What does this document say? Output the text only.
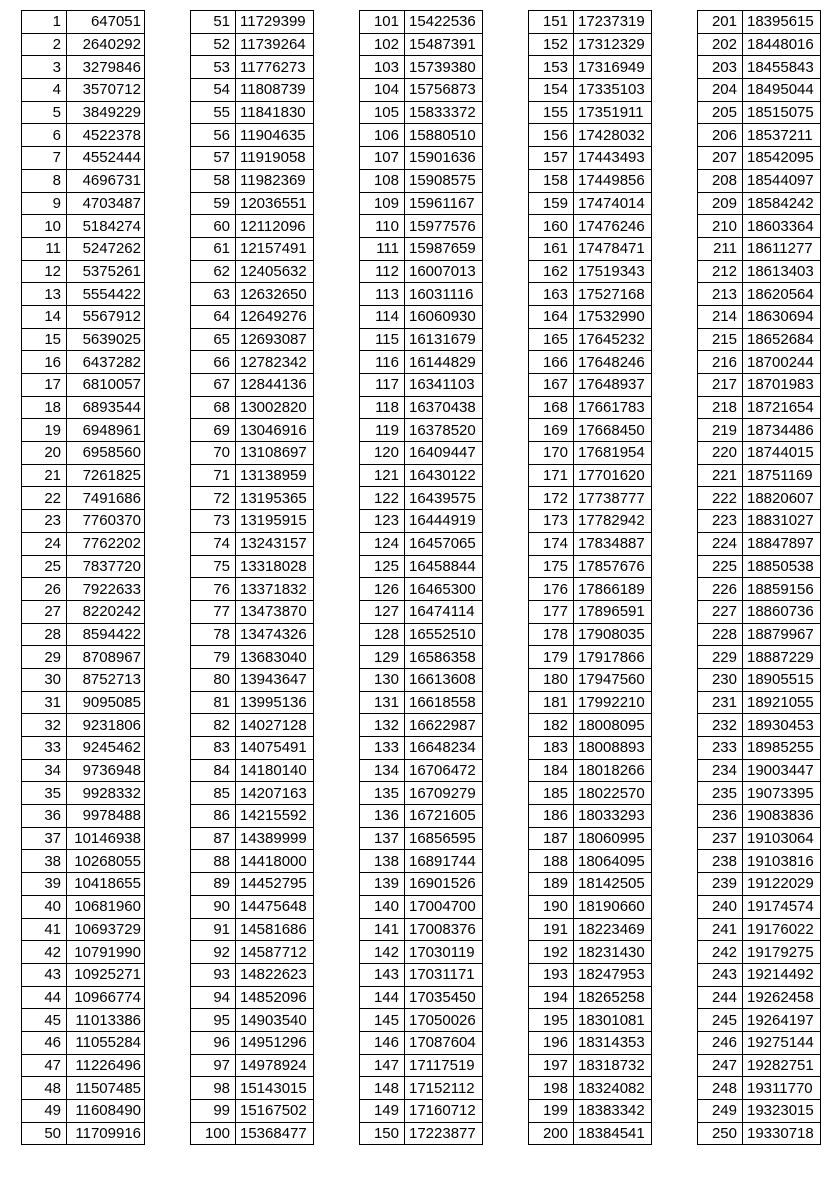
1	647051
2	2640292
3	3279846
4	3570712
5	3849229
6	4522378
7	4552444
8	4696731
9	4703487
10	5184274
11	5247262
12	5375261
13	5554422
14	5567912
15	5639025
16	6437282
17	6810057
18	6893544
19	6948961
20	6958560
21	7261825
22	7491686
23	7760370
24	7762202
25	7837720
26	7922633
27	8220242
28	8594422
29	8708967
30	8752713
31	9095085
32	9231806
33	9245462
34	9736948
35	9928332
36	9978488
37	10146938
38	10268055
39	10418655
40	10681960
41	10693729
42	10791990
43	10925271
44	10966774
45	11013386
46	11055284
47	11226496
48	11507485
49	11608490
50	11709916
51	11729399
52	11739264
53	11776273
54	11808739
55	11841830
56	11904635
57	11919058
58	11982369
59	12036551
60	12112096
61	12157491
62	12405632
63	12632650
64	12649276
65	12693087
66	12782342
67	12844136
68	13002820
69	13046916
70	13108697
71	13138959
72	13195365
73	13195915
74	13243157
75	13318028
76	13371832
77	13473870
78	13474326
79	13683040
80	13943647
81	13995136
82	14027128
83	14075491
84	14180140
85	14207163
86	14215592
87	14389999
88	14418000
89	14452795
90	14475648
91	14581686
92	14587712
93	14822623
94	14852096
95	14903540
96	14951296
97	14978924
98	15143015
99	15167502
100	15368477
101	15422536
102	15487391
103	15739380
104	15756873
105	15833372
106	15880510
107	15901636
108	15908575
109	15961167
110	15977576
111	15987659
112	16007013
113	16031116
114	16060930
115	16131679
116	16144829
117	16341103
118	16370438
119	16378520
120	16409447
121	16430122
122	16439575
123	16444919
124	16457065
125	16458844
126	16465300
127	16474114
128	16552510
129	16586358
130	16613608
131	16618558
132	16622987
133	16648234
134	16706472
135	16709279
136	16721605
137	16856595
138	16891744
139	16901526
140	17004700
141	17008376
142	17030119
143	17031171
144	17035450
145	17050026
146	17087604
147	17117519
148	17152112
149	17160712
150	17223877
151	17237319
152	17312329
153	17316949
154	17335103
155	17351911
156	17428032
157	17443493
158	17449856
159	17474014
160	17476246
161	17478471
162	17519343
163	17527168
164	17532990
165	17645232
166	17648246
167	17648937
168	17661783
169	17668450
170	17681954
171	17701620
172	17738777
173	17782942
174	17834887
175	17857676
176	17866189
177	17896591
178	17908035
179	17917866
180	17947560
181	17992210
182	18008095
183	18008893
184	18018266
185	18022570
186	18033293
187	18060995
188	18064095
189	18142505
190	18190660
191	18223469
192	18231430
193	18247953
194	18265258
195	18301081
196	18314353
197	18318732
198	18324082
199	18383342
200	18384541
201	18395615
202	18448016
203	18455843
204	18495044
205	18515075
206	18537211
207	18542095
208	18544097
209	18584242
210	18603364
211	18611277
212	18613403
213	18620564
214	18630694
215	18652684
216	18700244
217	18701983
218	18721654
219	18734486
220	18744015
221	18751169
222	18820607
223	18831027
224	18847897
225	18850538
226	18859156
227	18860736
228	18879967
229	18887229
230	18905515
231	18921055
232	18930453
233	18985255
234	19003447
235	19073395
236	19083836
237	19103064
238	19103816
239	19122029
240	19174574
241	19176022
242	19179275
243	19214492
244	19262458
245	19264197
246	19275144
247	19282751
248	19311770
249	19323015
250	19330718
